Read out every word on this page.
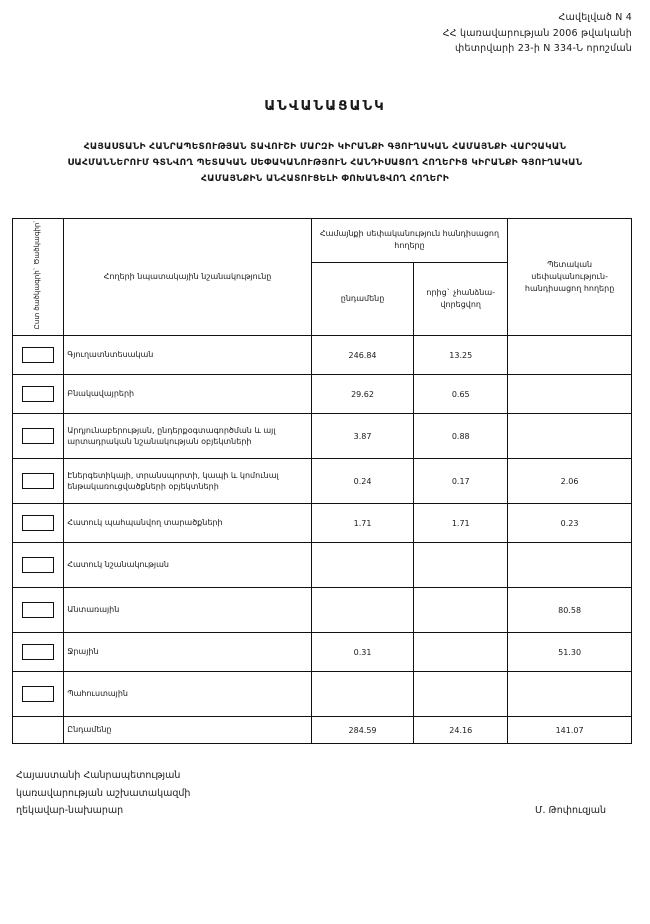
Հավելված N 4
ՀՀ կառավարության 2006 թվականի
փետրվարի 23-ի N 334-Ն որոշման
ԱՆՎԱՆԱՑԱՆԿ
ՀԱՅԱՍՏԱՆԻ ՀԱՆՐԱՊԵՏՈՒԹՅԱՆ ՏԱՎՈՒՇԻ ՄԱՐԶԻ ԿԻՐԱՆՔԻ ԳՅՈՒՂԱԿԱՆ ՀԱՄԱՅՆՔԻ ՎԱՐՉԱԿԱՆ ՍԱՀՄԱՆՆԵՐՈՒՄ ԳՏՆՎՈՂ ՊԵՏԱԿԱՆ ՍԵՓԱԿԱՆՈՒԹՅՈՒՆ ՀԱՆԴԻՍԱՑՈՂ ՀՈՂԵՐԻՑ ԿԻՐԱՆՔԻ ԳՅՈՒՂԱԿԱՆ ՀԱՄԱՅՆՔԻՆ ԱՆՀԱՏՈՒՑԵԼԻ ՓՈԽԱՆՑՎՈՂ ՀՈՂԵՐԻ
Ըստ ծածկագրի` Ծածկագիր՝	Հողերի նպատակային նշանակությունը	Համայնքի սեփականություն հանդիսացող հողերը		Պետական սեփականություն-հանդիսացող հողերը
		ընդամենը	որից` չհանձնա-վորեցվող	

	Գյուղատնտեսական	246.84	13.25	

	Բնակավայրերի	29.62	0.65	

	Արդյունաբերության, ընդերքօգտագործման և այլ արտադրական նշանակության օբյեկտների	3.87	0.88	

	Էներգետիկայի, տրանսպորտի, կապի և կոմունալ ենթակառուցվածքների օբյեկտների	0.24	0.17	2.06

	Հատուկ պահպանվող տարածքների	1.71	1.71	0.23

	Հատուկ նշանակության			

	Անտառային			80.58

	Ջրային	0.31		51.30

	Պահուստային			
	Ընդամենը	284.59	24.16	141.07
Հայաստանի Հանրապետության
կառավարության աշխատակազմի
ղեկավար-նախարար	Մ. Թոփուզյան
